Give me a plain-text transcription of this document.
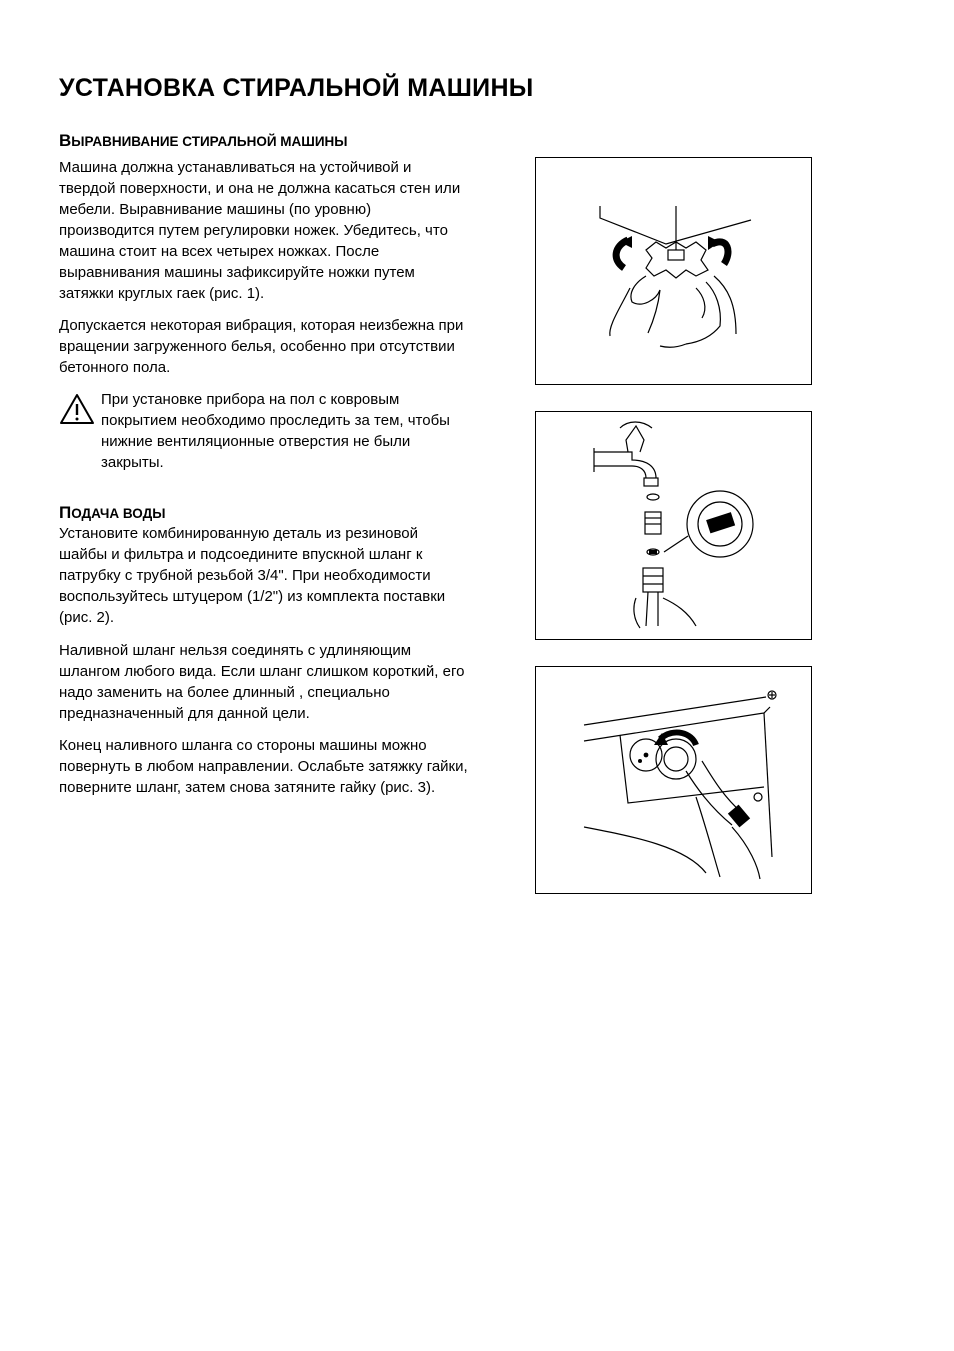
УСТАНОВКА СТИРАЛЬНОЙ МАШИНЫ
ВЫРАВНИВАНИЕ СТИРАЛЬНОЙ МАШИНЫ

Машина должна устанавливаться на устойчивой и твердой поверхности, и она не должна касаться стен или мебели. Выравнивание машины (по уровню) производится путем регулировки ножек. Убедитесь, что машина стоит на всех четырех ножках. После выравнивания машины зафиксируйте ножки путем затяжки круглых гаек (рис. 1).

Допускается некоторая вибрация, которая неизбежна при вращении загруженного белья, особенно при отсутствии бетонного пола.

При установке прибора на пол с ковровым покрытием необходимо проследить за тем, чтобы нижние вентиляционные отверстия не были закрыты.

ПОДАЧА ВОДЫ

Установите комбинированную деталь из резиновой шайбы и фильтра и подсоедините впускной шланг к патрубку с трубной резьбой 3/4". При необходимости воспользуйтесь штуцером (1/2") из комплекта поставки (рис. 2).

Наливной шланг нельзя соединять с удлиняющим шлангом любого вида. Если шланг слишком короткий, его надо заменить на более длинный , специально предназначенный для данной цели.

Конец наливного шланга со стороны машины можно повернуть в любом направлении. Ослабьте затяжку гайки, поверните шланг, затем снова затяните гайку (рис. 3).
